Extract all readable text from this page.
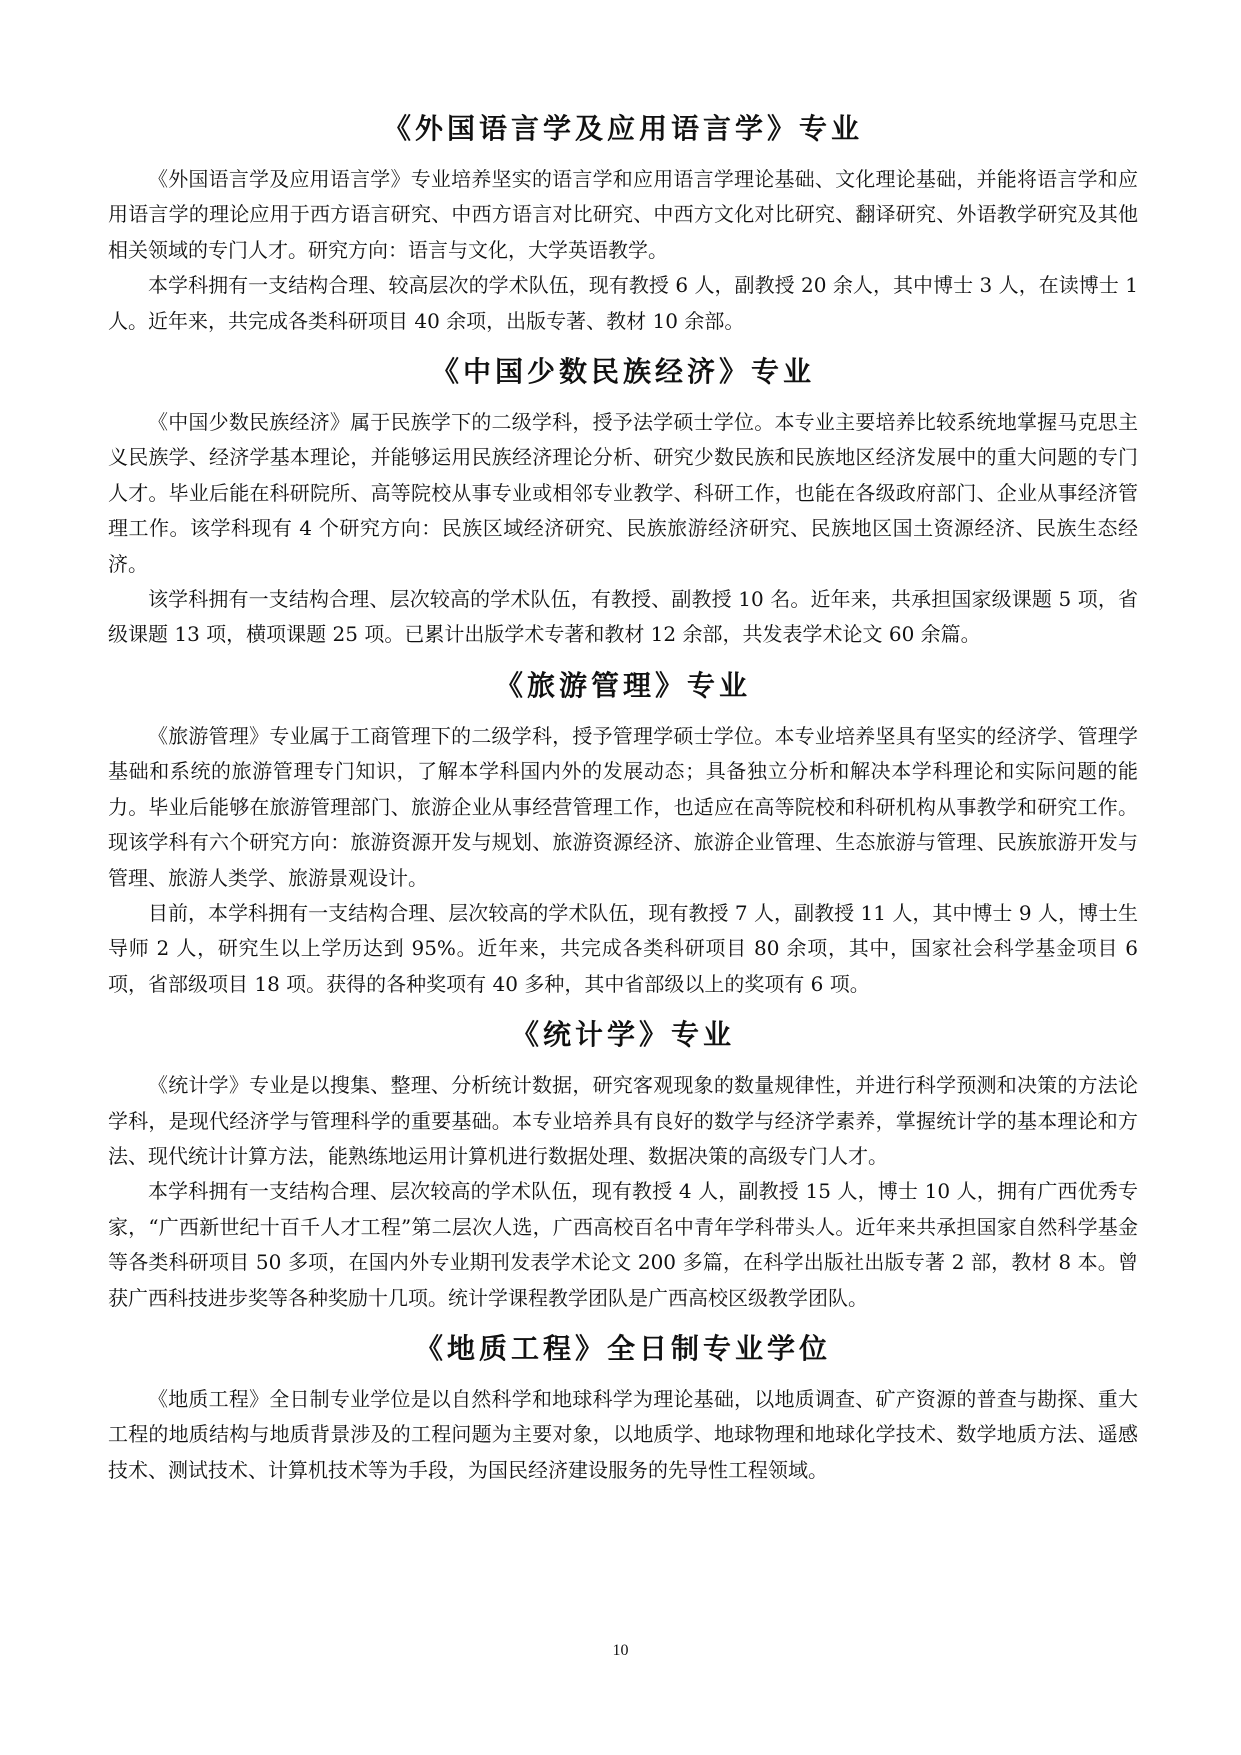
《外国语言学及应用语言学》专业

《外国语言学及应用语言学》专业培养坚实的语言学和应用语言学理论基础、文化理论基础，并能将语言学和应用语言学的理论应用于西方语言研究、中西方语言对比研究、中西方文化对比研究、翻译研究、外语教学研究及其他相关领域的专门人才。研究方向：语言与文化，大学英语教学。

本学科拥有一支结构合理、较高层次的学术队伍，现有教授 6 人，副教授 20 余人，其中博士 3 人，在读博士 1 人。近年来，共完成各类科研项目 40 余项，出版专著、教材 10 余部。

《中国少数民族经济》专业

《中国少数民族经济》属于民族学下的二级学科，授予法学硕士学位。本专业主要培养比较系统地掌握马克思主义民族学、经济学基本理论，并能够运用民族经济理论分析、研究少数民族和民族地区经济发展中的重大问题的专门人才。毕业后能在科研院所、高等院校从事专业或相邻专业教学、科研工作，也能在各级政府部门、企业从事经济管理工作。该学科现有 4 个研究方向：民族区域经济研究、民族旅游经济研究、民族地区国土资源经济、民族生态经济。

该学科拥有一支结构合理、层次较高的学术队伍，有教授、副教授 10 名。近年来，共承担国家级课题 5 项，省级课题 13 项，横项课题 25 项。已累计出版学术专著和教材 12 余部，共发表学术论文 60 余篇。

《旅游管理》专业

《旅游管理》专业属于工商管理下的二级学科，授予管理学硕士学位。本专业培养坚具有坚实的经济学、管理学基础和系统的旅游管理专门知识，了解本学科国内外的发展动态；具备独立分析和解决本学科理论和实际问题的能力。毕业后能够在旅游管理部门、旅游企业从事经营管理工作，也适应在高等院校和科研机构从事教学和研究工作。现该学科有六个研究方向：旅游资源开发与规划、旅游资源经济、旅游企业管理、生态旅游与管理、民族旅游开发与管理、旅游人类学、旅游景观设计。

目前，本学科拥有一支结构合理、层次较高的学术队伍，现有教授 7 人，副教授 11 人，其中博士 9 人，博士生导师 2 人，研究生以上学历达到 95%。近年来，共完成各类科研项目 80 余项，其中，国家社会科学基金项目 6 项，省部级项目 18 项。获得的各种奖项有 40 多种，其中省部级以上的奖项有 6 项。

《统计学》专业

《统计学》专业是以搜集、整理、分析统计数据，研究客观现象的数量规律性，并进行科学预测和决策的方法论学科，是现代经济学与管理科学的重要基础。本专业培养具有良好的数学与经济学素养，掌握统计学的基本理论和方法、现代统计计算方法，能熟练地运用计算机进行数据处理、数据决策的高级专门人才。

本学科拥有一支结构合理、层次较高的学术队伍，现有教授 4 人，副教授 15 人，博士 10 人，拥有广西优秀专家，“广西新世纪十百千人才工程”第二层次人选，广西高校百名中青年学科带头人。近年来共承担国家自然科学基金等各类科研项目 50 多项，在国内外专业期刊发表学术论文 200 多篇，在科学出版社出版专著 2 部，教材 8 本。曾获广西科技进步奖等各种奖励十几项。统计学课程教学团队是广西高校区级教学团队。

《地质工程》全日制专业学位

《地质工程》全日制专业学位是以自然科学和地球科学为理论基础，以地质调查、矿产资源的普查与勘探、重大工程的地质结构与地质背景涉及的工程问题为主要对象，以地质学、地球物理和地球化学技术、数学地质方法、遥感技术、测试技术、计算机技术等为手段，为国民经济建设服务的先导性工程领域。

10
